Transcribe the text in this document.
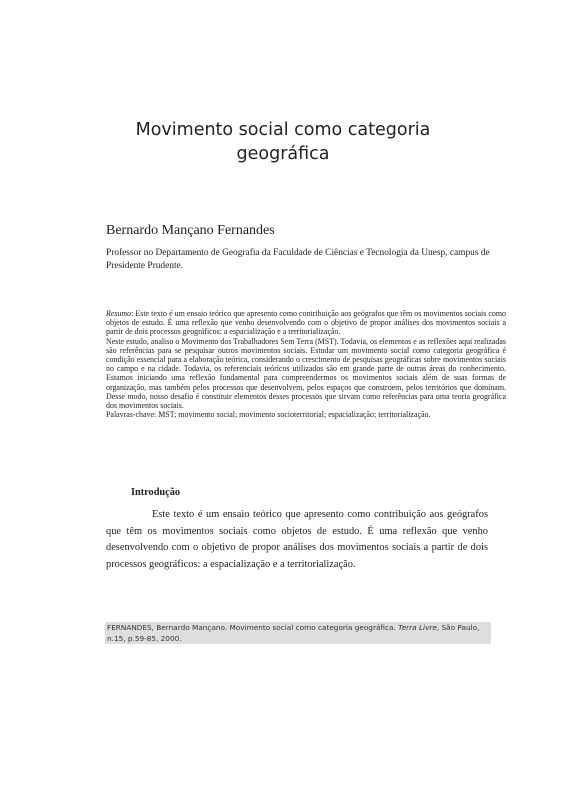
Movimento social como categoria
geográfica
Bernardo Mançano Fernandes
Professor no Departamento de Geografia da Faculdade de Ciências e Tecnologia da Unesp, campus de Presidente Prudente.

Resumo: Este texto é um ensaio teórico que apresento como contribuição aos geógrafos que têm os movimentos sociais como objetos de estudo. É uma reflexão que venho desenvolvendo com o objetivo de propor análises dos movimentos sociais a partir de dois processos geográficos: a espacialização e a territorialização.

Neste estudo, analiso o Movimento dos Trabalhadores Sem Terra (MST). Todavia, os elementos e as reflexões aqui realizadas são referências para se pesquisar outros movimentos sociais. Estudar um movimento social como categoria geográfica é condição essencial para a elaboração teórica, considerando o crescimento de pesquisas geográficas sobre movimentos sociais no campo e na cidade. Todavia, os referenciais teóricos utilizados são em grande parte de outras áreas do conhecimento. Estamos iniciando uma reflexão fundamental para compreendermos os movimentos sociais além de suas formas de organização, mas também pelos processos que desenvolvem, pelos espaços que constroem, pelos territórios que dominam. Desse modo, nosso desafio é constituir elementos desses processos que sirvam como referências para uma teoria geográfica dos movimentos sociais.

Palavras-chave: MST; movimento social; movimento socioterritorial; espacialização; territorialização.

Introdução

Este texto é um ensaio teórico que apresento como contribuição aos geógrafos que têm os movimentos sociais como objetos de estudo. É uma reflexão que venho desenvolvendo com o objetivo de propor análises dos movimentos sociais a partir de dois processos geográficos: a espacialização e a territorialização.

FERNANDES, Bernardo Mançano. Movimento social como categoria geográfica. Terra Livre, São Paulo, n.15, p.59-85, 2000.
